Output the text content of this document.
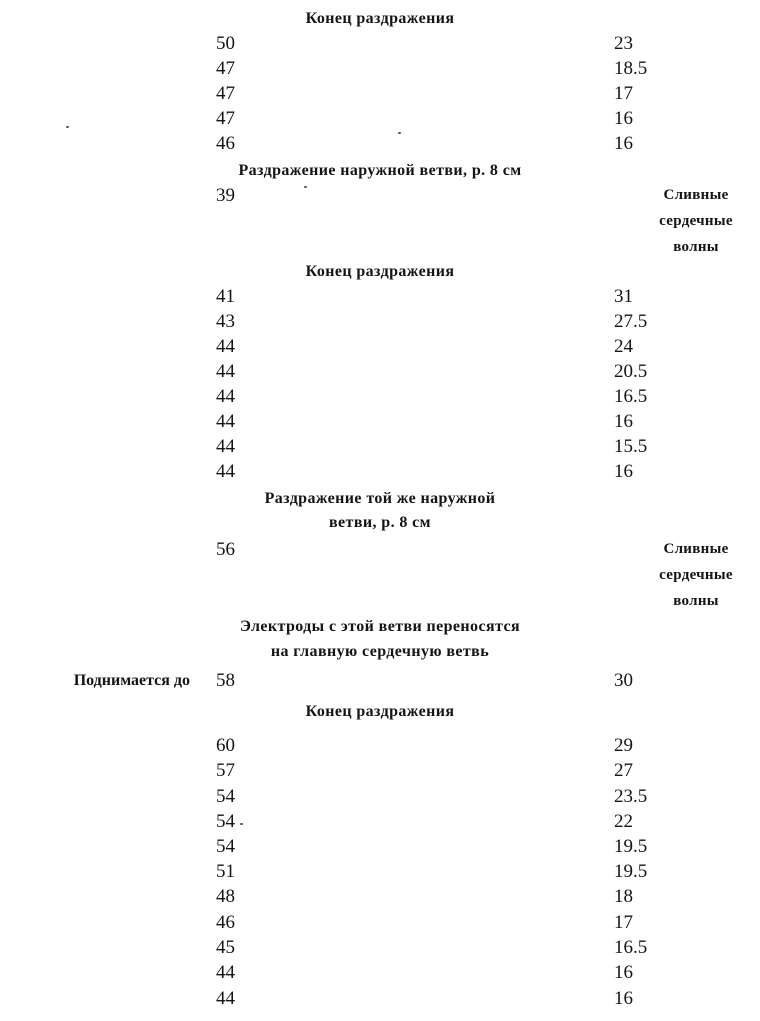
Конец раздражения
50	23
47	18.5
47	17
47	16
46	16
Раздражение наружной ветви, р. 8 см
39	Сливные
сердечные
волны
Конец раздражения
41	31
43	27.5
44	24
44	20.5
44	16.5
44	16
44	15.5
44	16
Раздражение той же наружной
ветви, р. 8 см
56	Сливные
сердечные
волны
Электроды с этой ветви переносятся
на главную сердечную ветвь
Поднимается до 58	30
Конец раздражения
60	29
57	27
54	23.5
54	22
54	19.5
51	19.5
48	18
46	17
45	16.5
44	16
44	16
